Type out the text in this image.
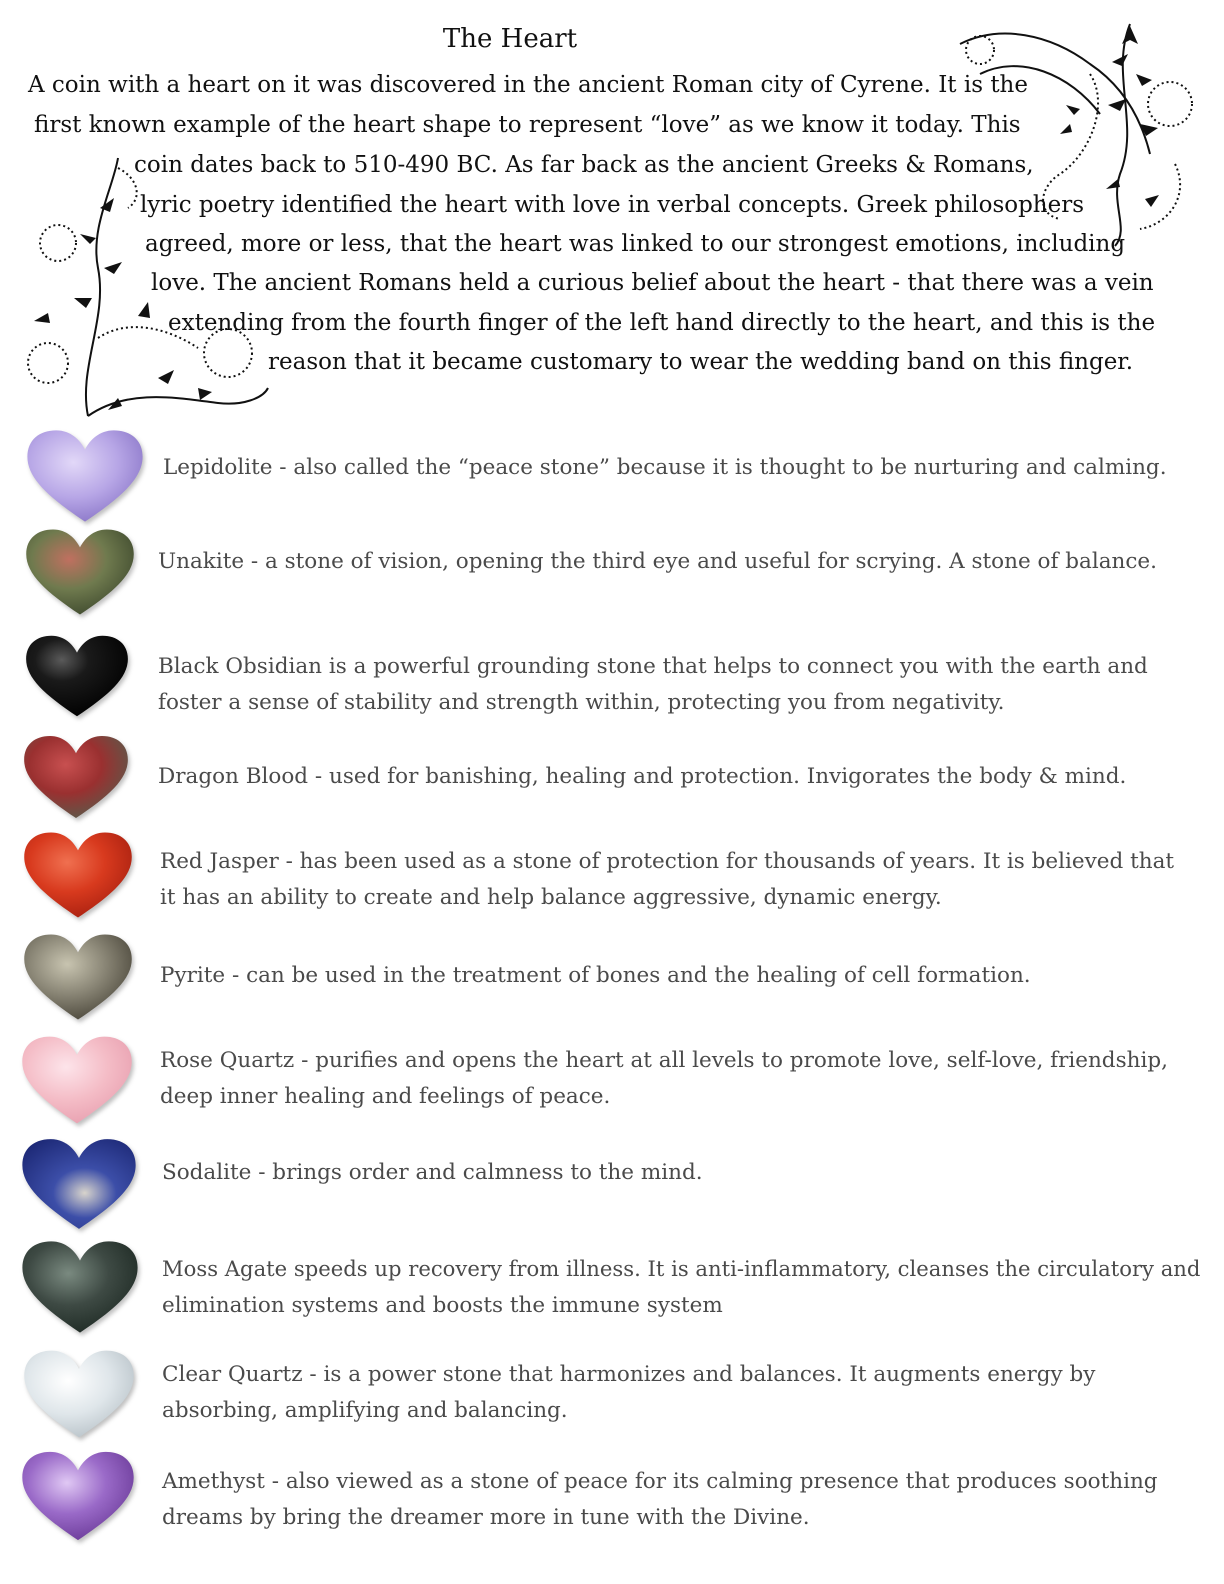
The Heart
A coin with a heart on it was discovered in the ancient Roman city of Cyrene. It is the
first known example of the heart shape to represent “love” as we know it today. This
coin dates back to 510-490 BC. As far back as the ancient Greeks & Romans,
lyric poetry identified the heart with love in verbal concepts. Greek philosophers
agreed, more or less, that the heart was linked to our strongest emotions, including
love. The ancient Romans held a curious belief about the heart - that there was a vein
extending from the fourth finger of the left hand directly to the heart, and this is the
reason that it became customary to wear the wedding band on this finger.
Lepidolite - also called the “peace stone” because it is thought to be nurturing and calming.
Unakite - a stone of vision, opening the third eye and useful for scrying. A stone of balance.
Black Obsidian is a powerful grounding stone that helps to connect you with the earth and
foster a sense of stability and strength within, protecting you from negativity.
Dragon Blood - used for banishing, healing and protection. Invigorates the body & mind.
Red Jasper - has been used as a stone of protection for thousands of years. It is believed that
it has an ability to create and help balance aggressive, dynamic energy.
Pyrite - can be used in the treatment of bones and the healing of cell formation.
Rose Quartz - purifies and opens the heart at all levels to promote love, self-love, friendship,
deep inner healing and feelings of peace.
Sodalite - brings order and calmness to the mind.
Moss Agate speeds up recovery from illness. It is anti-inflammatory, cleanses the circulatory and
elimination systems and boosts the immune system
Clear Quartz - is a power stone that harmonizes and balances. It augments energy by
absorbing, amplifying and balancing.
Amethyst - also viewed as a stone of peace for its calming presence that produces soothing
dreams by bring the dreamer more in tune with the Divine.
